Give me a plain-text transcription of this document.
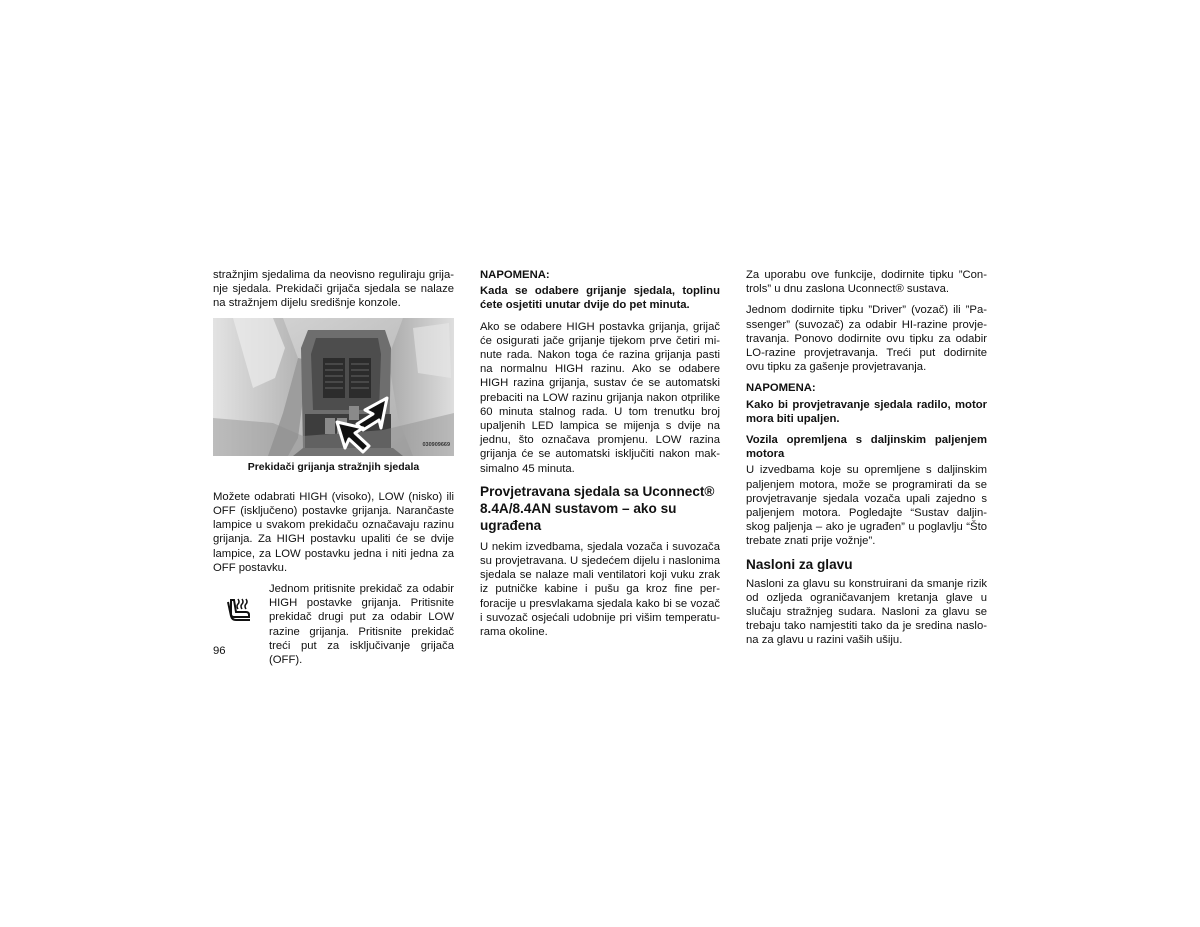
stražnjim sjedalima da neovisno reguliraju grijanje sjedala. Prekidači grijača sjedala se nalaze na stražnjem dijelu središnje konzole.

030909669

Prekidači grijanja stražnjih sjedala

Možete odabrati HIGH (visoko), LOW (nisko) ili OFF (isključeno) postavke grijanja. Narančaste lampice u svakom prekidaču označavaju razinu grijanja. Za HIGH postavku upaliti će se dvije lampice, za LOW postavku jedna i niti jedna za OFF postavku.

Jednom pritisnite prekidač za odabir HIGH postavke grijanja. Pritisnite prekidač drugi put za odabir LOW razine grijanja. Pritisnite prekidač treći put za isključivanje grijača (OFF).

NAPOMENA:

Kada se odabere grijanje sjedala, toplinu ćete osjetiti unutar dvije do pet minuta.

Ako se odabere HIGH postavka grijanja, grijač će osigurati jače grijanje tijekom prve četiri minute rada. Nakon toga će razina grijanja pasti na normalnu HIGH razinu. Ako se odabere HIGH razina grijanja, sustav će se automatski prebaciti na LOW razinu grijanja nakon otprilike 60 minuta stalnog rada. U tom trenutku broj upaljenih LED lampica se mijenja s dvije na jednu, što označava promjenu. LOW razina grijanja će se automatski isključiti nakon maksimalno 45 minuta.

Provjetravana sjedala sa Uconnect® 8.4A/8.4AN sustavom – ako su ugrađena

U nekim izvedbama, sjedala vozača i suvozača su provjetravana. U sjedećem dijelu i naslonima sjedala se nalaze mali ventilatori koji vuku zrak iz putničke kabine i pušu ga kroz fine perforacije u presvlakama sjedala kako bi se vozač i suvozač osjećali udobnije pri višim temperaturama okoline.

Za uporabu ove funkcije, dodirnite tipku ”Controls” u dnu zaslona Uconnect® sustava.

Jednom dodirnite tipku ”Driver” (vozač) ili ”Passenger” (suvozač) za odabir HI-razine provjetravanja. Ponovo dodirnite ovu tipku za odabir LO-razine provjetravanja. Treći put dodirnite ovu tipku za gašenje provjetravanja.

NAPOMENA:

Kako bi provjetravanje sjedala radilo, motor mora biti upaljen.

Vozila opremljena s daljinskim paljenjem motora

U izvedbama koje su opremljene s daljinskim paljenjem motora, može se programirati da se provjetravanje sjedala vozača upali zajedno s paljenjem motora. Pogledajte “Sustav daljinskog paljenja – ako je ugrađen” u poglavlju “Što trebate znati prije vožnje”.

Nasloni za glavu

Nasloni za glavu su konstruirani da smanje rizik od ozljeda ograničavanjem kretanja glave u slučaju stražnjeg sudara. Nasloni za glavu se trebaju tako namjestiti tako da je sredina naslona za glavu u razini vaših ušiju.

96
